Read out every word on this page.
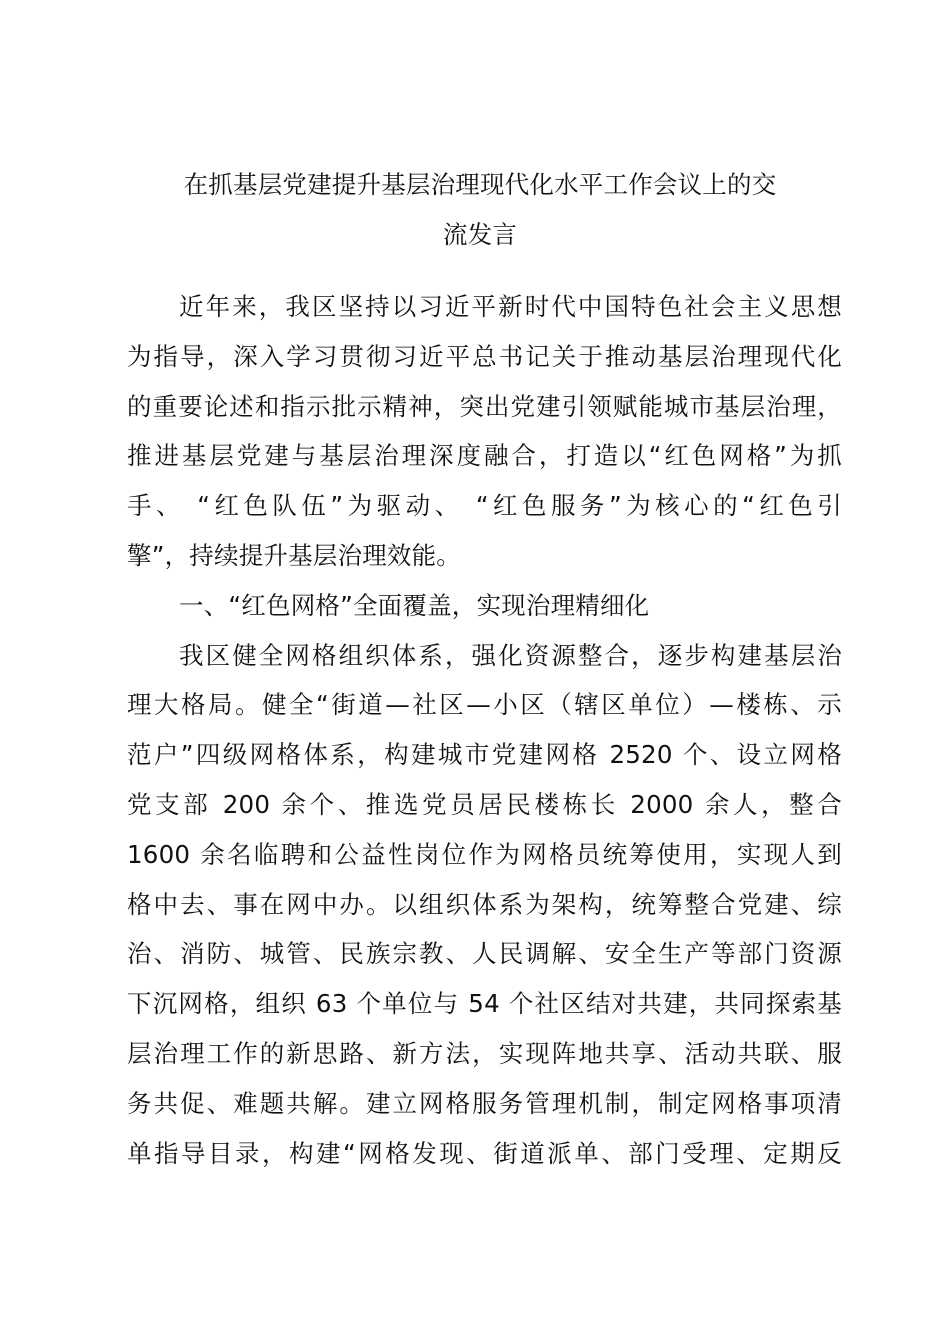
在抓基层党建提升基层治理现代化水平工作会议上的交
流发言
近年来，我区坚持以习近平新时代中国特色社会主义思想
为指导，深入学习贯彻习近平总书记关于推动基层治理现代化
的重要论述和指示批示精神，突出党建引领赋能城市基层治理，
推进基层党建与基层治理深度融合，打造以“红色网格”为抓
手、 “红色队伍”为驱动、 “红色服务”为核心的“红色引
擎”，持续提升基层治理效能。
一、“红色网格”全面覆盖，实现治理精细化
我区健全网格组织体系，强化资源整合，逐步构建基层治
理大格局。健全“街道—社区—小区（辖区单位）—楼栋、示
范户”四级网格体系，构建城市党建网格 2520 个、设立网格
党支部 200 余个、推选党员居民楼栋长 2000 余人，整合
1600 余名临聘和公益性岗位作为网格员统筹使用，实现人到
格中去、事在网中办。以组织体系为架构，统筹整合党建、综
治、消防、城管、民族宗教、人民调解、安全生产等部门资源
下沉网格，组织 63 个单位与 54 个社区结对共建，共同探索基
层治理工作的新思路、新方法，实现阵地共享、活动共联、服
务共促、难题共解。建立网格服务管理机制，制定网格事项清
单指导目录，构建“网格发现、街道派单、部门受理、定期反
